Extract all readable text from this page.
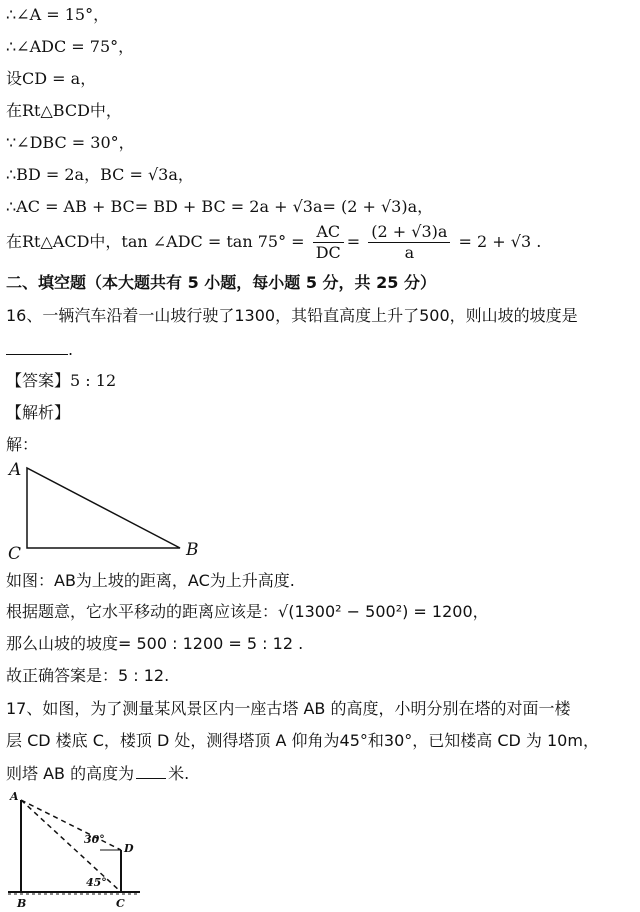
∴∠A = 15°，
∴∠ADC = 75°，
设CD = a，
在Rt△BCD中，
∵∠DBC = 30°，
∴BD = 2a，BC = √3a，
∴AC = AB + BC= BD + BC = 2a + √3a= (2 + √3)a，
在Rt△ACD中，tan ∠ADC = $\tan 75^\circ = \frac{AC}{DC} = \frac{(2 + √3)a}{a} = 2 + √3$ .
二、填空题（本大题共有 5 小题，每小题 5 分，共 25 分）
16、一辆汽车沿着一山坡行驶了1300，其铅直高度上升了500，则山坡的坡度是
.
【答案】5 : 12
【解析】
解：
A
C	B
如图：AB为上坡的距离，AC为上升高度.
根据题意，它水平移动的距离应该是：√(1300² − 500²) = 1200，
那么山坡的坡度= 500 : 1200 = 5 : 12 .
故正确答案是：5 : 12.
17、如图，为了测量某风景区内一座古塔 AB 的高度，小明分别在塔的对面一楼
层 CD 楼底 C，楼顶 D 处，测得塔顶 A 仰角为45°和30°，已知楼高 CD 为 10m，
则塔 AB 的高度为 米.
A
B	C
D
30°
45°
